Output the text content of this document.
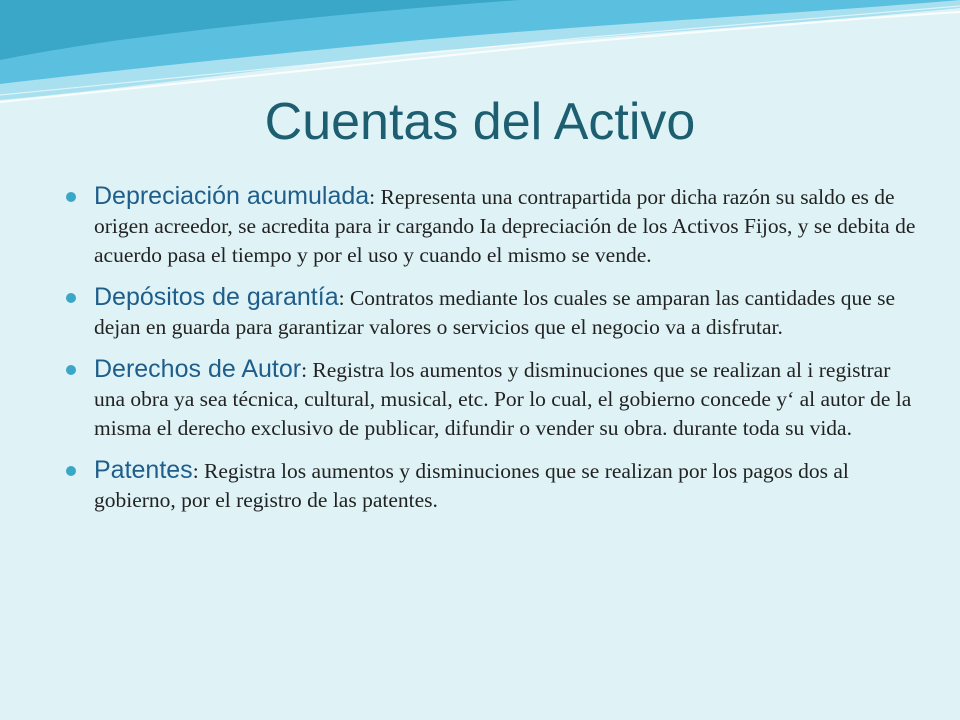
Cuentas del Activo
Depreciación acumulada: Representa una contrapartida por dicha razón su saldo es de origen acreedor, se acredita para ir cargando Ia depreciación de los Activos Fijos, y se debita de acuerdo pasa el tiempo y por el uso y cuando el mismo se vende.
Depósitos de garantía: Contratos mediante los cuales se amparan las cantidades que se dejan en guarda para garantizar valores o servicios que el negocio va a disfrutar.
Derechos de Autor: Registra los aumentos y disminuciones que se realizan al i registrar una obra ya sea técnica, cultural, musical, etc. Por lo cual, el gobierno concede y‘ al autor de la misma el derecho exclusivo de publicar, difundir o vender su obra. durante toda su vida.
Patentes: Registra los aumentos y disminuciones que se realizan por los pagos dos al gobierno, por el registro de las patentes.
